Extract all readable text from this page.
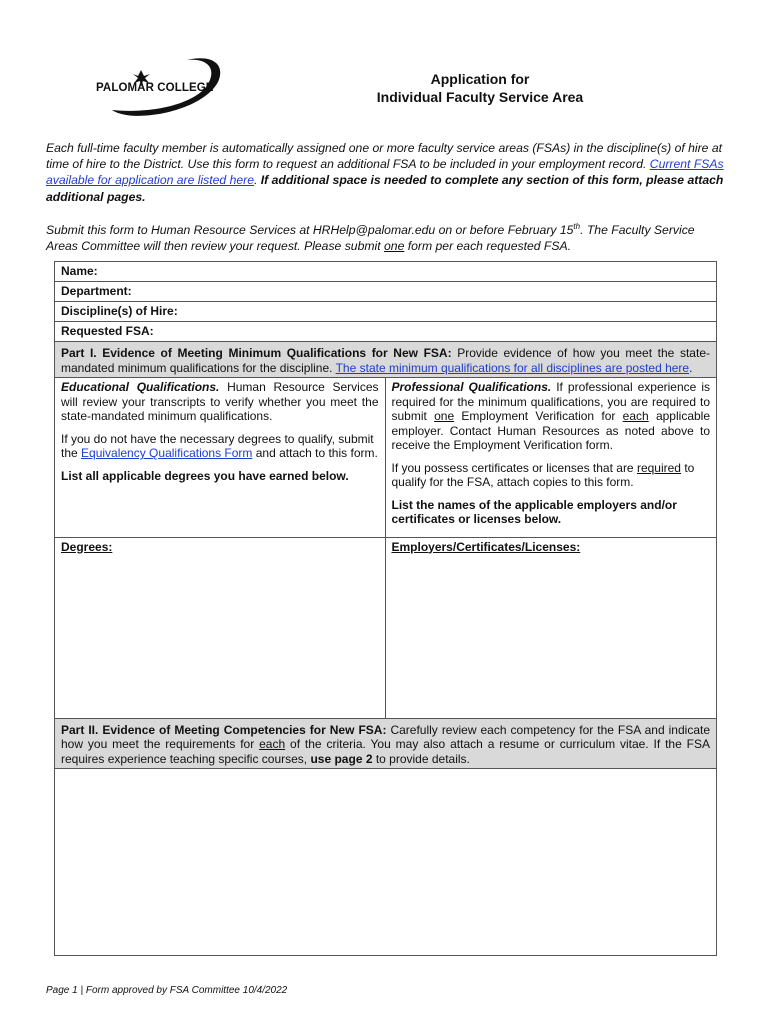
PALOMAR COLLEGE
Application for
Individual Faculty Service Area

Each full-time faculty member is automatically assigned one or more faculty service areas (FSAs) in the discipline(s) of hire at time of hire to the District. Use this form to request an additional FSA to be included in your employment record. Current FSAs available for application are listed here. If additional space is needed to complete any section of this form, please attach additional pages.

Submit this form to Human Resource Services at HRHelp@palomar.edu on or before February 15th. The Faculty Service Areas Committee will then review your request. Please submit one form per each requested FSA.

Name:
Department:
Discipline(s) of Hire:
Requested FSA:
Part I. Evidence of Meeting Minimum Qualifications for New FSA: Provide evidence of how you meet the state-mandated minimum qualifications for the discipline. The state minimum qualifications for all disciplines are posted here.

Educational Qualifications. Human Resource Services will review your transcripts to verify whether you meet the state-mandated minimum qualifications.

If you do not have the necessary degrees to qualify, submit the Equivalency Qualifications Form and attach to this form.

List all applicable degrees you have earned below.

Professional Qualifications. If professional experience is required for the minimum qualifications, you are required to submit one Employment Verification for each applicable employer. Contact Human Resources as noted above to receive the Employment Verification form.

If you possess certificates or licenses that are required to qualify for the FSA, attach copies to this form.

List the names of the applicable employers and/or certificates or licenses below.

Degrees:	Employers/Certificates/Licenses:
Part II. Evidence of Meeting Competencies for New FSA: Carefully review each competency for the FSA and indicate how you meet the requirements for each of the criteria. You may also attach a resume or curriculum vitae. If the FSA requires experience teaching specific courses, use page 2 to provide details.
Page 1 | Form approved by FSA Committee 10/4/2022
